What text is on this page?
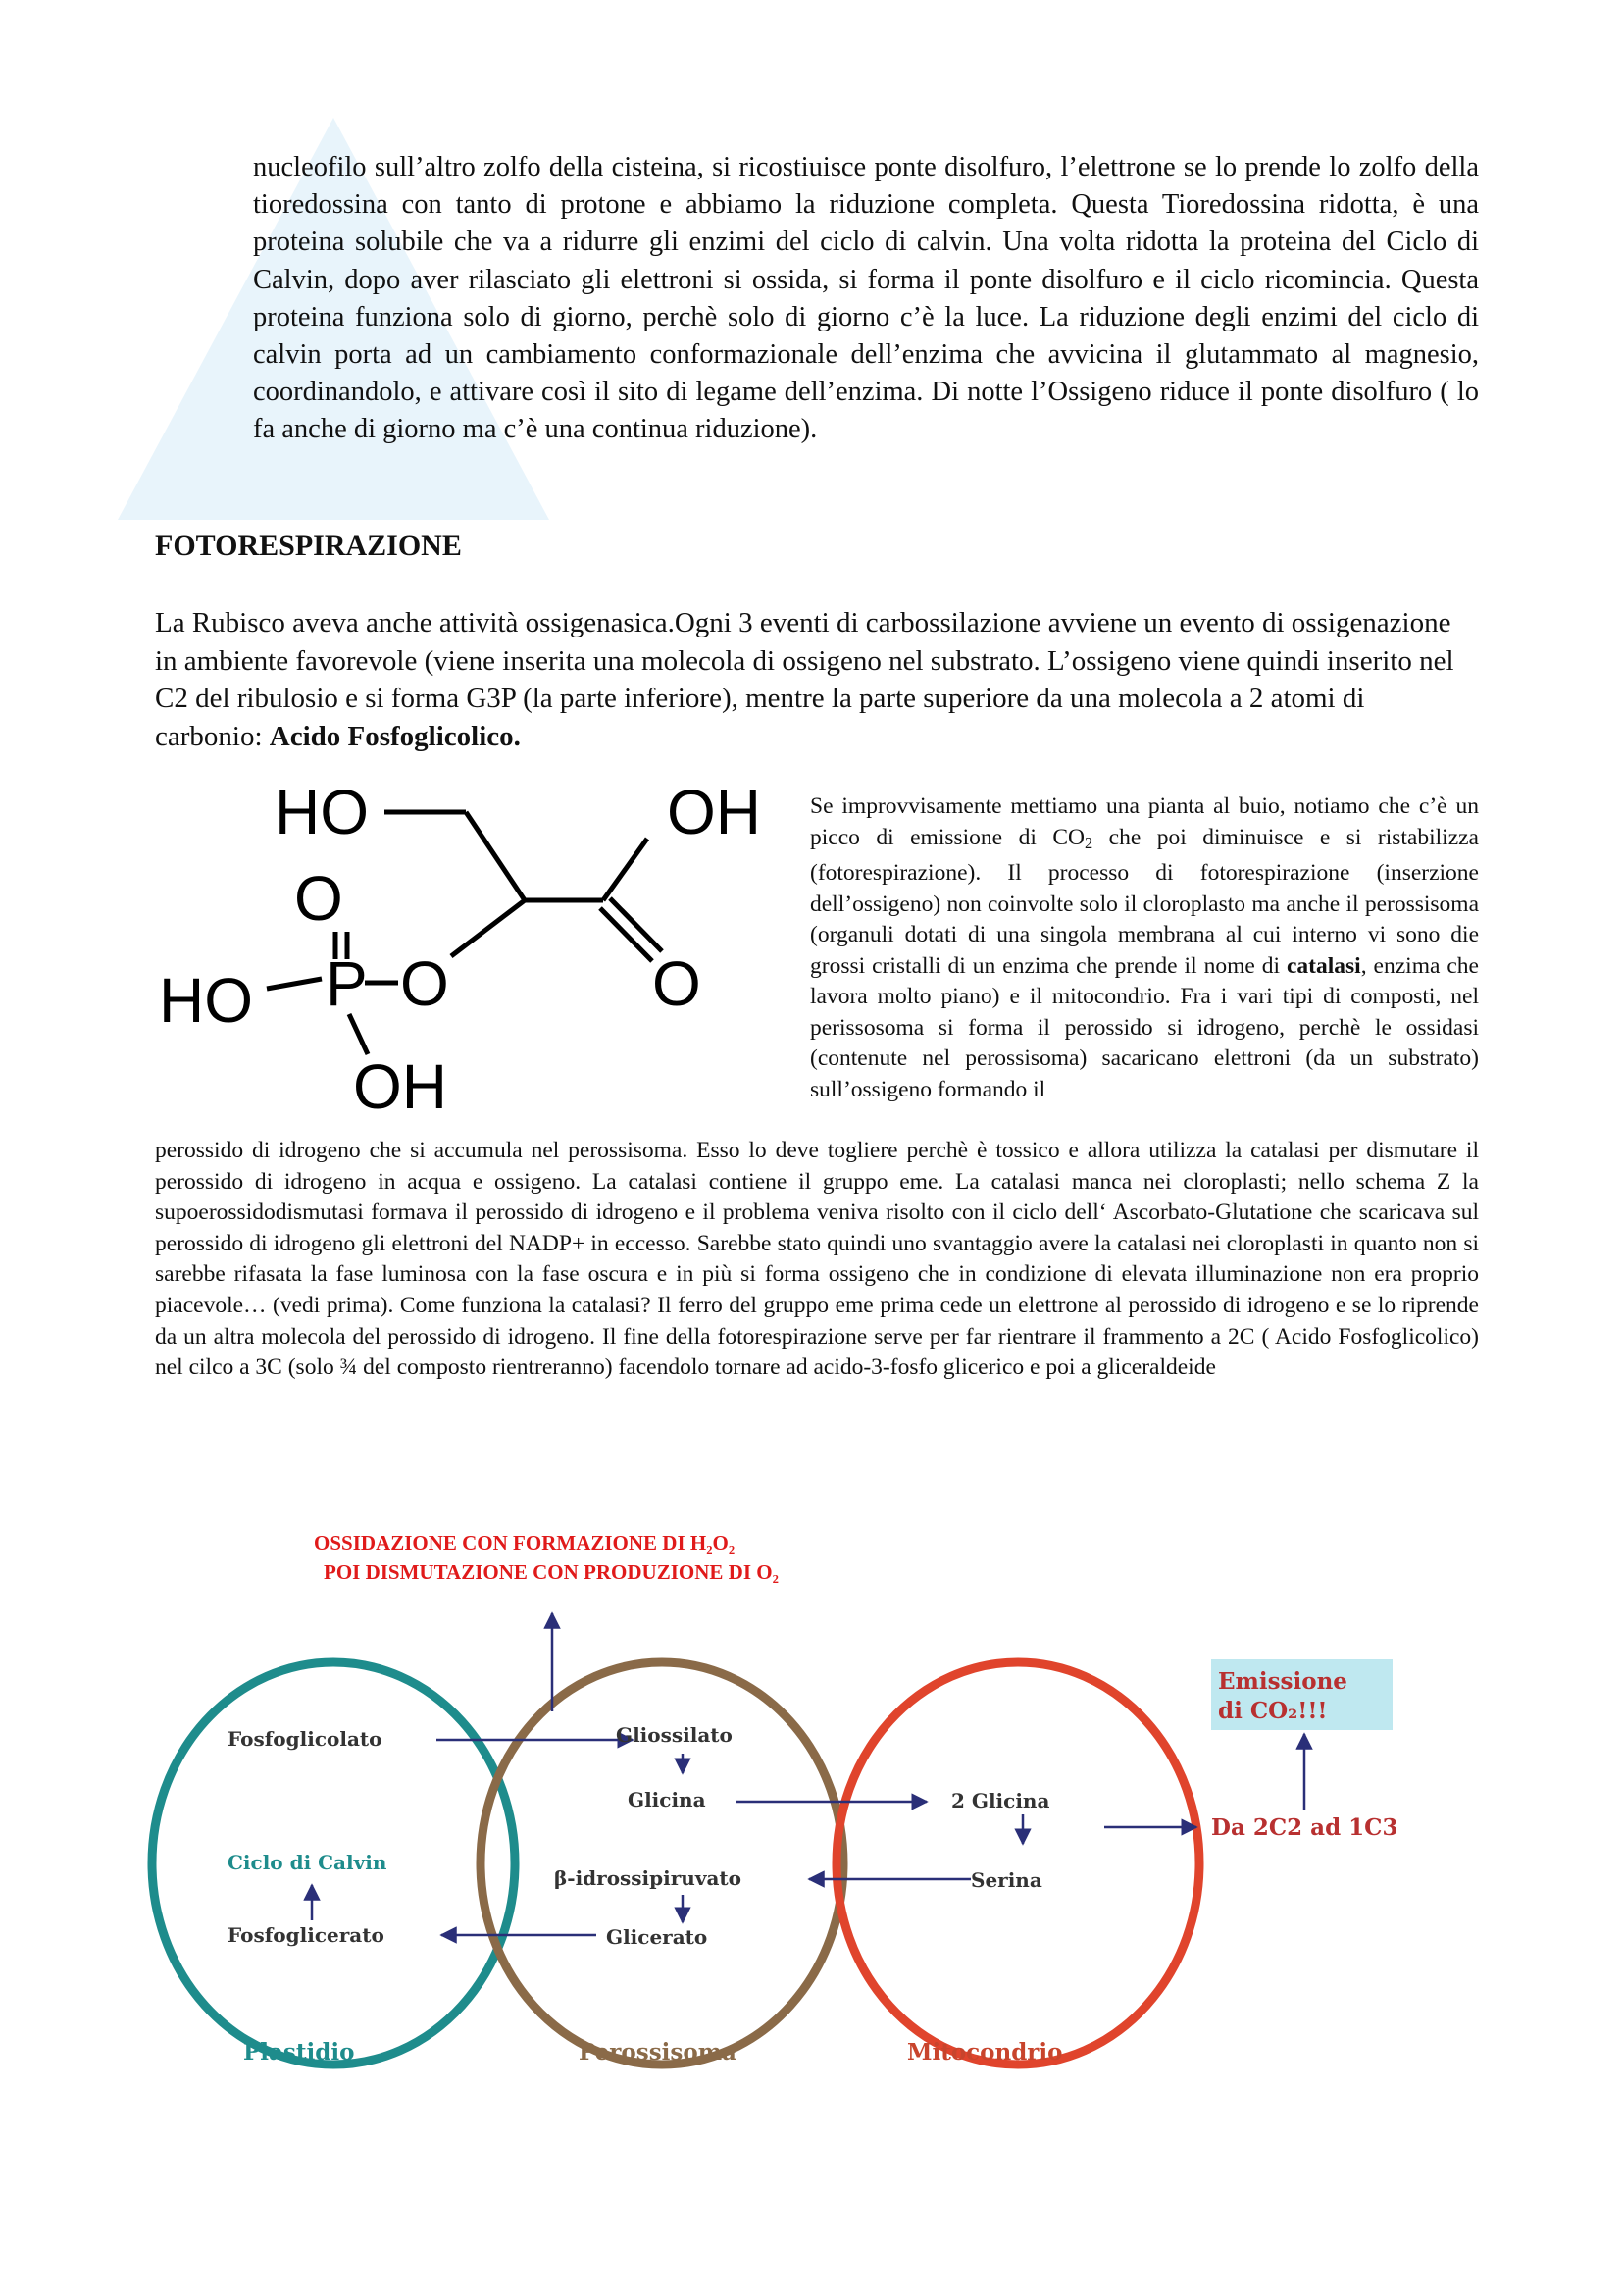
nucleofilo sull’altro zolfo della cisteina, si ricostiuisce ponte disolfuro, l’elettrone se lo prende lo zolfo della tioredossina con tanto di protone e abbiamo la riduzione completa. Questa Tioredossina ridotta, è una proteina solubile che va a ridurre gli enzimi del ciclo di calvin. Una volta ridotta la proteina del Ciclo di Calvin, dopo aver rilasciato gli elettroni si ossida, si forma il ponte disolfuro e il ciclo ricomincia. Questa proteina funziona solo di giorno, perchè solo di giorno c’è la luce. La riduzione degli enzimi del ciclo di calvin porta ad un cambiamento conformazionale dell’enzima che avvicina il glutammato al magnesio, coordinandolo, e attivare così il sito di legame dell’enzima. Di notte l’Ossigeno riduce il ponte disolfuro ( lo fa anche di giorno ma c’è una continua riduzione).

FOTORESPIRAZIONE

La Rubisco aveva anche attività ossigenasica.Ogni 3 eventi di carbossilazione avviene un evento di ossigenazione in ambiente favorevole (viene inserita una molecola di ossigeno nel substrato. L’ossigeno viene quindi inserito nel C2 del ribulosio e si forma G3P (la parte inferiore), mentre la parte superiore da una molecola a 2 atomi di carbonio: Acido Fosfoglicolico.

HO	OH
O
O
HO P O
OH

Se improvvisamente mettiamo una pianta al buio, notiamo che c’è un picco di emissione di $CO_2$ che poi diminuisce e si ristabilizza (fotorespirazione). Il processo di fotorespirazione (inserzione dell’ossigeno) non coinvolte solo il cloroplasto ma anche il perossisoma (organuli dotati di una singola membrana al cui interno vi sono die grossi cristalli di un enzima che prende il nome di catalasi, enzima che lavora molto piano) e il mitocondrio. Fra i vari tipi di composti, nel perissosoma si forma il perossido si idrogeno, perchè le ossidasi (contenute nel perossisoma) sacaricano elettroni (da un substrato) sull’ossigeno formando il

perossido di idrogeno che si accumula nel perossisoma. Esso lo deve togliere perchè è tossico e allora utilizza la catalasi per dismutare il perossido di idrogeno in acqua e ossigeno. La catalasi contiene il gruppo eme. La catalasi manca nei cloroplasti; nello schema Z la supoerossidodismutasi formava il perossido di idrogeno e il problema veniva risolto con il ciclo dell‘ Ascorbato-Glutatione che scaricava sul perossido di idrogeno gli elettroni del NADP+ in eccesso. Sarebbe stato quindi uno svantaggio avere la catalasi nei cloroplasti in quanto non si sarebbe rifasata la fase luminosa con la fase oscura e in più si forma ossigeno che in condizione di elevata illuminazione non era proprio piacevole… (vedi prima). Come funziona la catalasi? Il ferro del gruppo eme prima cede un elettrone al perossido di idrogeno e se lo riprende da un altra molecola del perossido di idrogeno. Il fine della fotorespirazione serve per far rientrare il frammento a 2C ( Acido Fosfoglicolico) nel cilco a 3C (solo ¾ del composto rientreranno) facendolo tornare ad acido-3-fosfo glicerico e poi a gliceraldeide

OSSIDAZIONE CON FORMAZIONE DI H₂O₂
POI DISMUTAZIONE CON PRODUZIONE DI O₂
Emissione
di CO₂!!!
Da 2C2 ad 1C3
Fosfoglicolato
Ciclo di Calvin
Fosfoglicerato
Gliossilato
Glicina
β-idrossipiruvato
Glicerato
2 Glicina
Serina
Plastidio	Perossisoma	Mitocondrio
